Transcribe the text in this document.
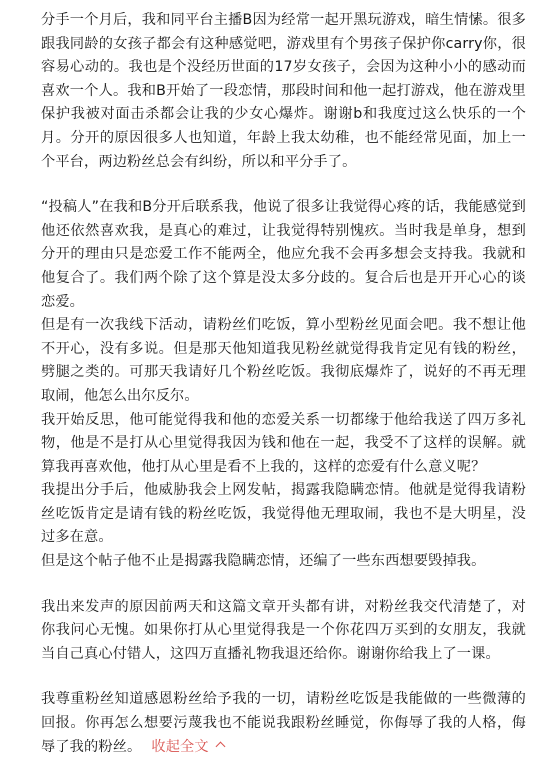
分手一个月后，我和同平台主播B因为经常一起开黑玩游戏，暗生情愫。很多跟我同龄的女孩子都会有这种感觉吧，游戏里有个男孩子保护你carry你，很容易心动的。我也是个没经历世面的17岁女孩子，会因为这种小小的感动而喜欢一个人。我和B开始了一段恋情，那段时间和他一起打游戏，他在游戏里保护我被对面击杀都会让我的少女心爆炸。谢谢b和我度过这么快乐的一个月。分开的原因很多人也知道，年龄上我太幼稚，也不能经常见面，加上一个平台，两边粉丝总会有纠纷，所以和平分手了。

“投稿人”在我和B分开后联系我，他说了很多让我觉得心疼的话，我能感觉到他还依然喜欢我，是真心的难过，让我觉得特别愧疚。当时我是单身，想到分开的理由只是恋爱工作不能两全，他应允我不会再多想会支持我。我就和他复合了。我们两个除了这个算是没太多分歧的。复合后也是开开心心的谈恋爱。

但是有一次我线下活动，请粉丝们吃饭，算小型粉丝见面会吧。我不想让他不开心，没有多说。但是那天他知道我见粉丝就觉得我肯定见有钱的粉丝，劈腿之类的。可那天我请好几个粉丝吃饭。我彻底爆炸了，说好的不再无理取闹，他怎么出尔反尔。

我开始反思，他可能觉得我和他的恋爱关系一切都缘于他给我送了四万多礼物，他是不是打从心里觉得我因为钱和他在一起，我受不了这样的误解。就算我再喜欢他，他打从心里是看不上我的，这样的恋爱有什么意义呢？

我提出分手后，他威胁我会上网发帖，揭露我隐瞒恋情。他就是觉得我请粉丝吃饭肯定是请有钱的粉丝吃饭，我觉得他无理取闹，我也不是大明星，没过多在意。

但是这个帖子他不止是揭露我隐瞒恋情，还编了一些东西想要毁掉我。

我出来发声的原因前两天和这篇文章开头都有讲，对粉丝我交代清楚了，对你我问心无愧。如果你打从心里觉得我是一个你花四万买到的女朋友，我就当自己真心付错人，这四万直播礼物我退还给你。谢谢你给我上了一课。

我尊重粉丝知道感恩粉丝给予我的一切，请粉丝吃饭是我能做的一些微薄的回报。你再怎么想要污蔑我也不能说我跟粉丝睡觉，你侮辱了我的人格，侮辱了我的粉丝。 收起全文
